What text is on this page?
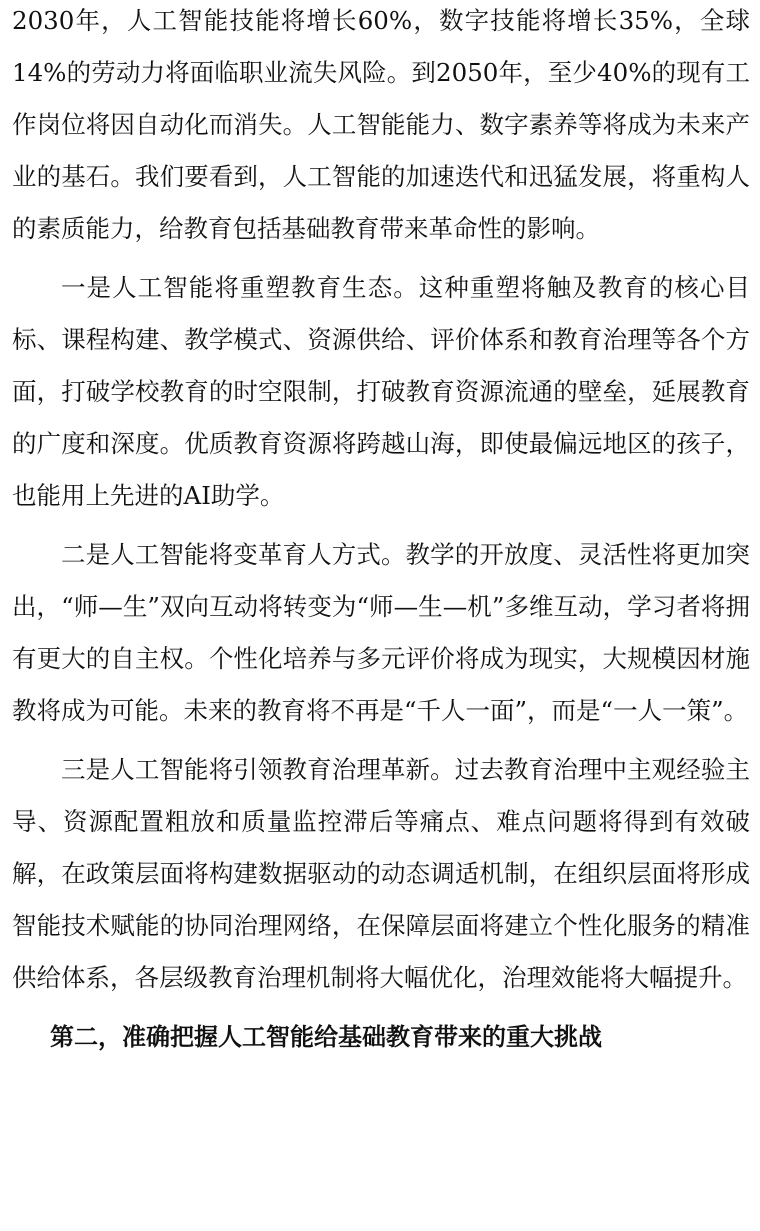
2030年，人工智能技能将增长60%，数字技能将增长35%，全球14%的劳动力将面临职业流失风险。到2050年，至少40%的现有工作岗位将因自动化而消失。人工智能能力、数字素养等将成为未来产业的基石。我们要看到，人工智能的加速迭代和迅猛发展，将重构人的素质能力，给教育包括基础教育带来革命性的影响。

一是人工智能将重塑教育生态。这种重塑将触及教育的核心目标、课程构建、教学模式、资源供给、评价体系和教育治理等各个方面，打破学校教育的时空限制，打破教育资源流通的壁垒，延展教育的广度和深度。优质教育资源将跨越山海，即使最偏远地区的孩子，也能用上先进的AI助学。

二是人工智能将变革育人方式。教学的开放度、灵活性将更加突出，“师—生”双向互动将转变为“师—生—机”多维互动，学习者将拥有更大的自主权。个性化培养与多元评价将成为现实，大规模因材施教将成为可能。未来的教育将不再是“千人一面”，而是“一人一策”。

三是人工智能将引领教育治理革新。过去教育治理中主观经验主导、资源配置粗放和质量监控滞后等痛点、难点问题将得到有效破解，在政策层面将构建数据驱动的动态调适机制，在组织层面将形成智能技术赋能的协同治理网络，在保障层面将建立个性化服务的精准供给体系，各层级教育治理机制将大幅优化，治理效能将大幅提升。

第二，准确把握人工智能给基础教育带来的重大挑战
